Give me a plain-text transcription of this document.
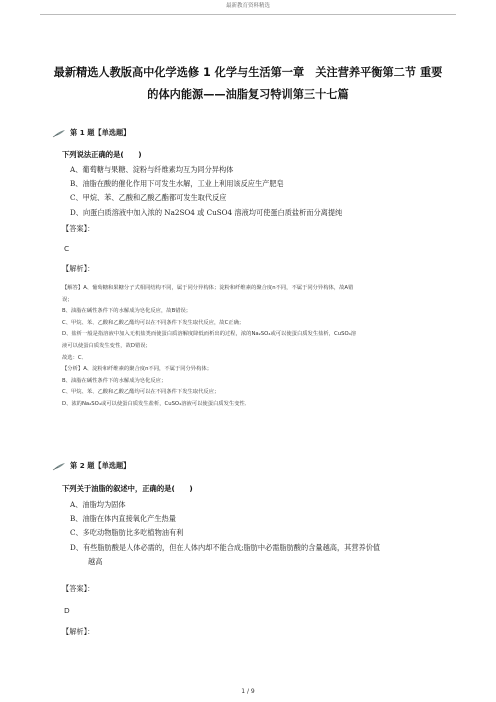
最新教育资料精选
最新精选人教版高中化学选修 1 化学与生活第一章　关注营养平衡第二节 重要
的体内能源——油脂复习特训第三十七篇
第 1 题【单选题】
下列说法正确的是(　　)
A、葡萄糖与果糖、淀粉与纤维素均互为同分异构体
B、油脂在酸的催化作用下可发生水解，工业上利用该反应生产肥皂
C、甲烷、苯、乙酸和乙酸乙酯都可发生取代反应
D、向蛋白质溶液中加入浓的 Na2SO4 或 CuSO4 溶液均可使蛋白质盐析而分离提纯
【答案】：
C
【解析】：

【解答】A、葡萄糖和果糖分子式相同结构不同，属于同分异构体；淀粉和纤维素的聚合度n不同，不属于同分异构体，故A错

误；

B、油脂在碱性条件下的水解成为皂化反应，故B错误；

C、甲烷、苯、乙酸和乙酸乙酯均可以在不同条件下发生取代反应，故C正确；

D、盐析一般是指溶液中加入无机盐类而使蛋白质溶解度降低而析出的过程，浓的Na₂SO₄或可以使蛋白质发生盐析，CuSO₄溶

液可以使蛋白质发生变性，故D错误；

故选：C．

【分析】A、淀粉和纤维素的聚合度n不同，不属于同分异构体；

B、油脂在碱性条件下的水解成为皂化反应；

C、甲烷、苯、乙酸和乙酸乙酯均可以在不同条件下发生取代反应；

D、浓的Na₂SO₄或可以使蛋白质发生盐析，CuSO₄溶液可以使蛋白质发生变性．

第 2 题【单选题】
下列关于油脂的叙述中，正确的是(　　)
A、油脂均为固体
B、油脂在体内直接氧化产生热量
C、多吃动物脂肪比多吃植物油有利
D、有些脂肪酸是人体必需的，但在人体内却不能合成;脂肪中必需脂肪酸的含量越高，其营养价值
越高
【答案】：
D
【解析】：
1 / 9
